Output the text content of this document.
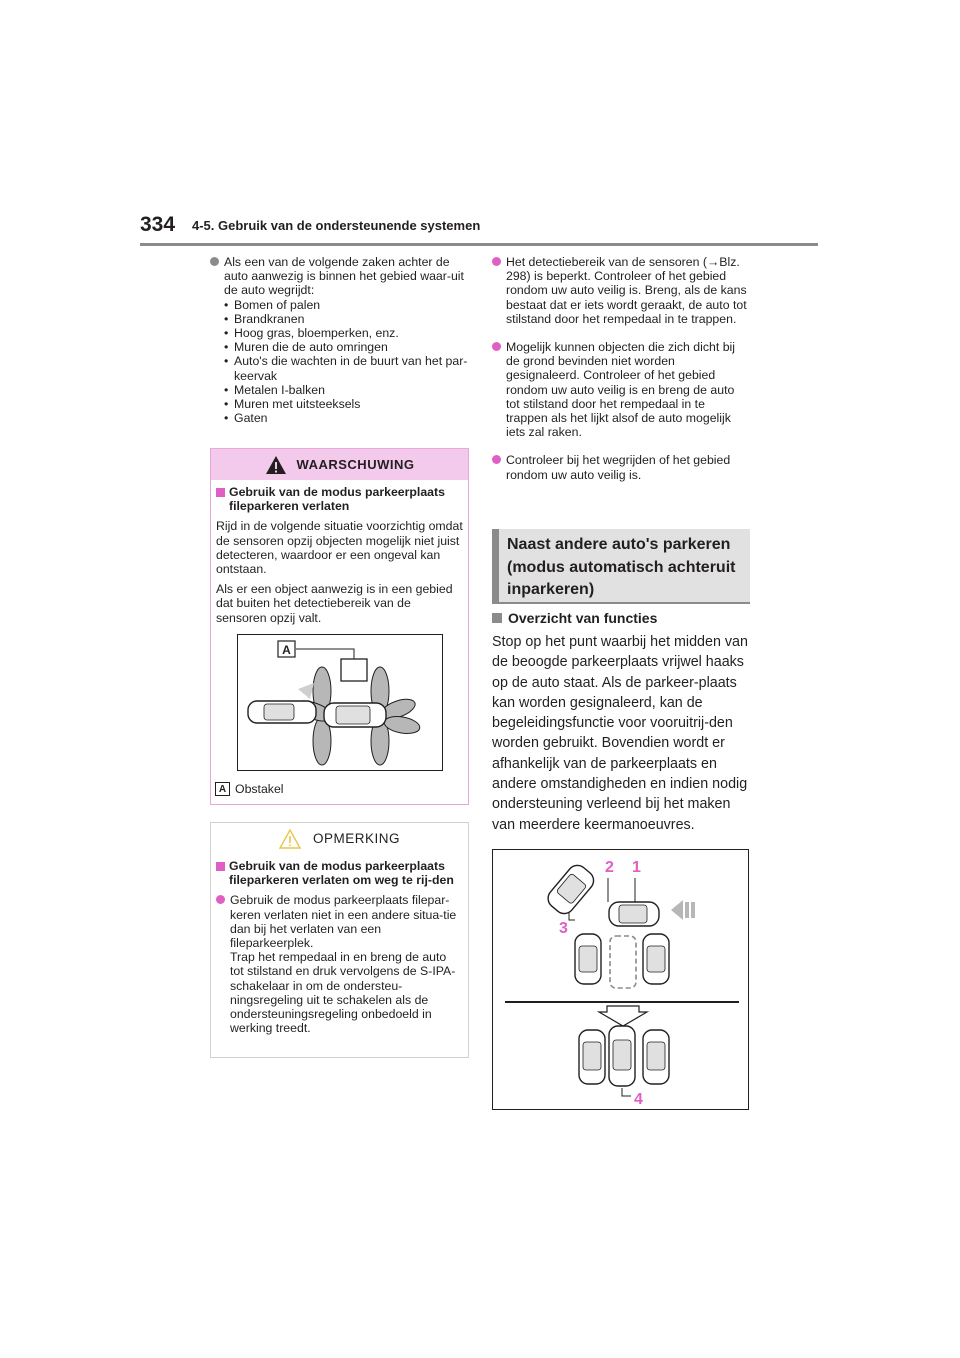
334 4-5. Gebruik van de ondersteunende systemen
Als een van de volgende zaken achter de auto aanwezig is binnen het gebied waar-uit de auto wegrijdt:
• Bomen of palen
• Brandkranen
• Hoog gras, bloemperken, enz.
• Muren die de auto omringen
• Auto's die wachten in de buurt van het par-keervak
• Metalen I-balken
• Muren met uitsteeksels
• Gaten
WAARSCHUWING
Gebruik van de modus parkeerplaats fileparkeren verlaten
Rijd in de volgende situatie voorzichtig omdat de sensoren opzij objecten mogelijk niet juist detecteren, waardoor er een ongeval kan ontstaan.
Als er een object aanwezig is in een gebied dat buiten het detectiebereik van de sensoren opzij valt.
A
A Obstakel
OPMERKING
Gebruik van de modus parkeerplaats fileparkeren verlaten om weg te rij-den
Gebruik de modus parkeerplaats filepar-keren verlaten niet in een andere situa-tie dan bij het verlaten van een fileparkeerplek.
Trap het rempedaal in en breng de auto tot stilstand en druk vervolgens de S-IPA-schakelaar in om de ondersteu-ningsregeling uit te schakelen als de ondersteuningsregeling onbedoeld in werking treedt.
Het detectiebereik van de sensoren (→Blz. 298) is beperkt. Controleer of het gebied rondom uw auto veilig is. Breng, als de kans bestaat dat er iets wordt geraakt, de auto tot stilstand door het rempedaal in te trappen.
Mogelijk kunnen objecten die zich dicht bij de grond bevinden niet worden gesignaleerd. Controleer of het gebied rondom uw auto veilig is en breng de auto tot stilstand door het rempedaal in te trappen als het lijkt alsof de auto mogelijk iets zal raken.
Controleer bij het wegrijden of het gebied rondom uw auto veilig is.
Naast andere auto's parkeren (modus automatisch achteruit inparkeren)
Overzicht van functies
Stop op het punt waarbij het midden van de beoogde parkeerplaats vrijwel haaks op de auto staat. Als de parkeer-plaats kan worden gesignaleerd, kan de begeleidingsfunctie voor vooruitrij-den worden gebruikt. Bovendien wordt er afhankelijk van de parkeerplaats en andere omstandigheden en indien nodig ondersteuning verleend bij het maken van meerdere keermanoeuvres.
2 1
3
4
